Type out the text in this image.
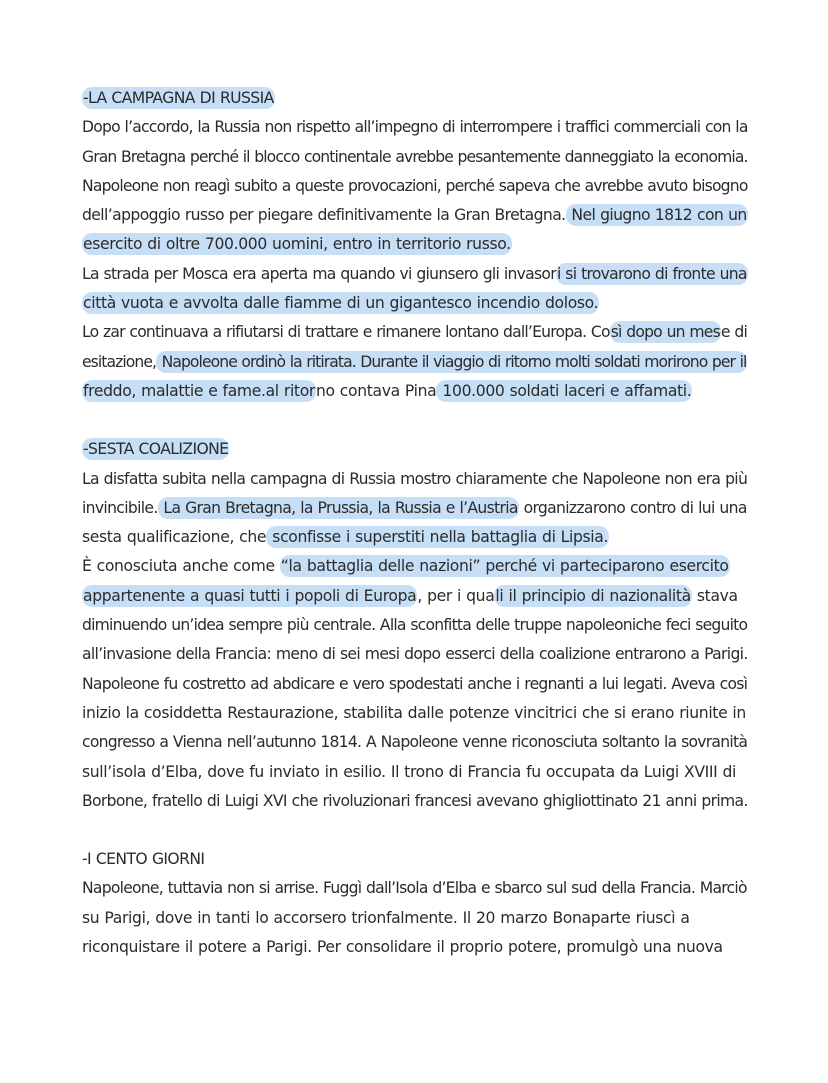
-LA CAMPAGNA DI RUSSIA
Dopo l’accordo, la Russia non rispetto all’impegno di interrompere i traffici commerciali con la
Gran Bretagna perché il blocco continentale avrebbe pesantemente danneggiato la economia.
Napoleone non reagì subito a queste provocazioni, perché sapeva che avrebbe avuto bisogno
dell’appoggio russo per piegare definitivamente la Gran Bretagna. Nel giugno 1812 con un
esercito di oltre 700.000 uomini, entro in territorio russo.
La strada per Mosca era aperta ma quando vi giunsero gli invasori si trovarono di fronte una
città vuota e avvolta dalle fiamme di un gigantesco incendio doloso.
Lo zar continuava a rifiutarsi di trattare e rimanere lontano dall’Europa. Così dopo un mese di
esitazione, Napoleone ordinò la ritirata. Durante il viaggio di ritorno molti soldati morirono per il
freddo, malattie e fame.al ritorno contava Pina 100.000 soldati laceri e affamati.
-SESTA COALIZIONE
La disfatta subita nella campagna di Russia mostro chiaramente che Napoleone non era più
invincibile. La Gran Bretagna, la Prussia, la Russia e l’Austria organizzarono contro di lui una
sesta qualificazione, che sconfisse i superstiti nella battaglia di Lipsia.
È conosciuta anche come “la battaglia delle nazioni” perché vi parteciparono esercito
appartenente a quasi tutti i popoli di Europa, per i quali il principio di nazionalità stava
diminuendo un’idea sempre più centrale. Alla sconfitta delle truppe napoleoniche feci seguito
all’invasione della Francia: meno di sei mesi dopo esserci della coalizione entrarono a Parigi.
Napoleone fu costretto ad abdicare e vero spodestati anche i regnanti a lui legati. Aveva così
inizio la cosiddetta Restaurazione, stabilita dalle potenze vincitrici che si erano riunite in
congresso a Vienna nell’autunno 1814. A Napoleone venne riconosciuta soltanto la sovranità
sull’isola d’Elba, dove fu inviato in esilio. Il trono di Francia fu occupata da Luigi XVIII di
Borbone, fratello di Luigi XVI che rivoluzionari francesi avevano ghigliottinato 21 anni prima.
-I CENTO GIORNI
Napoleone, tuttavia non si arrise. Fuggì dall’Isola d’Elba e sbarco sul sud della Francia. Marciò
su Parigi, dove in tanti lo accorsero trionfalmente. Il 20 marzo Bonaparte riuscì a
riconquistare il potere a Parigi. Per consolidare il proprio potere, promulgò una nuova
